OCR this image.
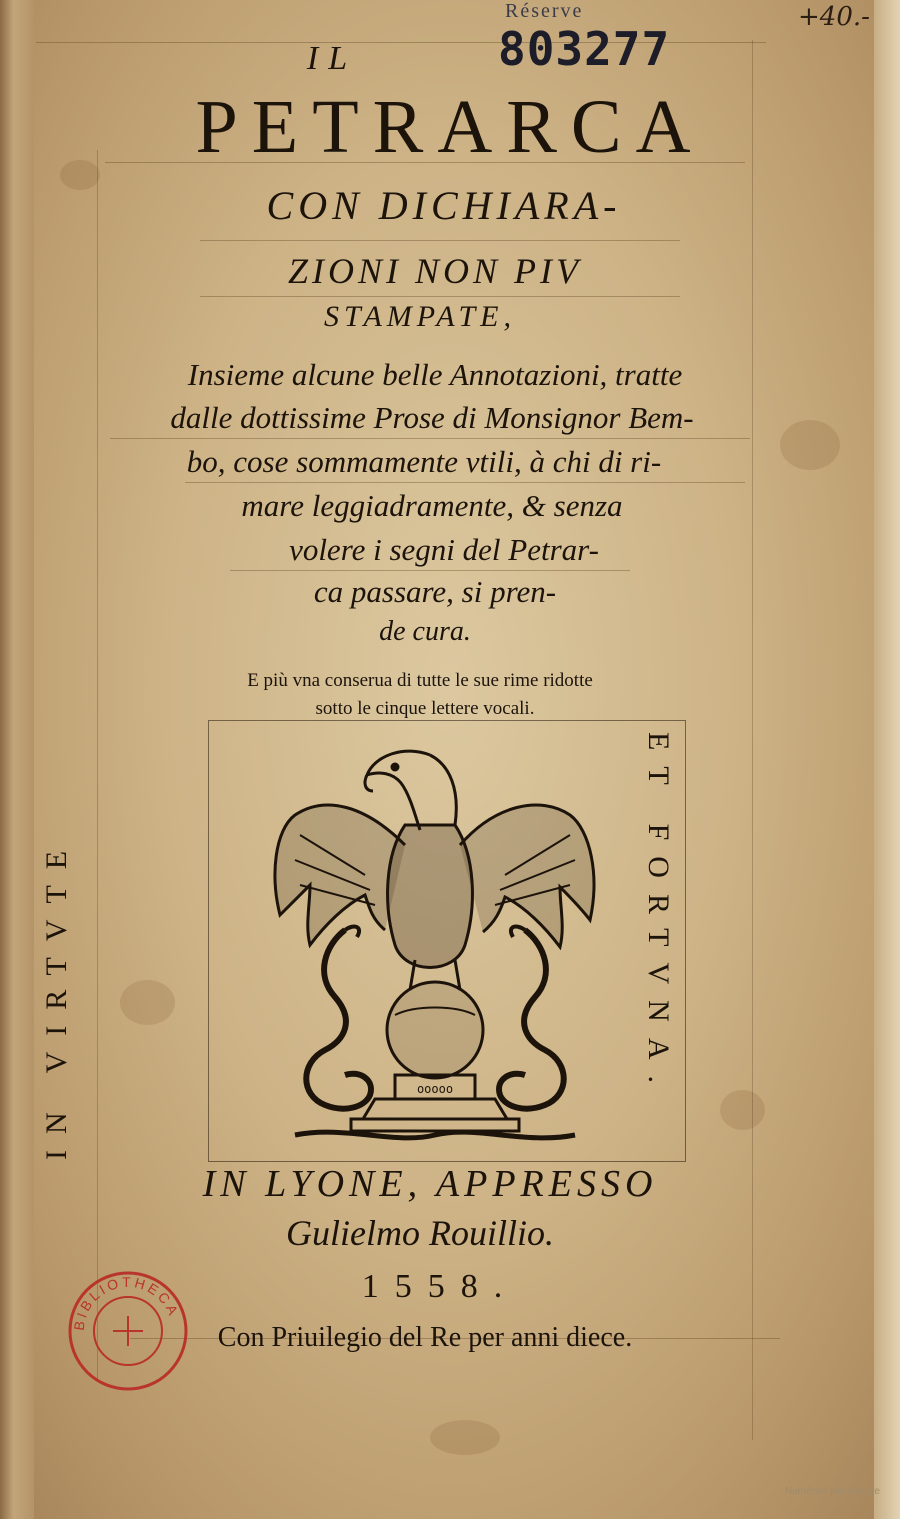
Réserve
803277
+40.-
IL
PETRARCA
CON DICHIARA-
ZIONI NON PIV
STAMPATE,
Insieme alcune belle Annotazioni, tratte
dalle dottissime Prose di Monsignor Bem-
bo, cose sommamente vtili, à chi di ri-
mare leggiadramente, & senza
volere i segni del Petrar-
ca passare, si pren-
de cura.
E più vna conserua di tutte le sue rime ridotte
sotto le cinque lettere vocali.
IN VIRTVTE	ET FORTVNA.
ooooo
IN LYONE, APPRESSO
Gulielmo Rouillio.
1558.
Con Priuilegio del Re per anni diece.
BIBLIOTHECA
Numérisé par Google
